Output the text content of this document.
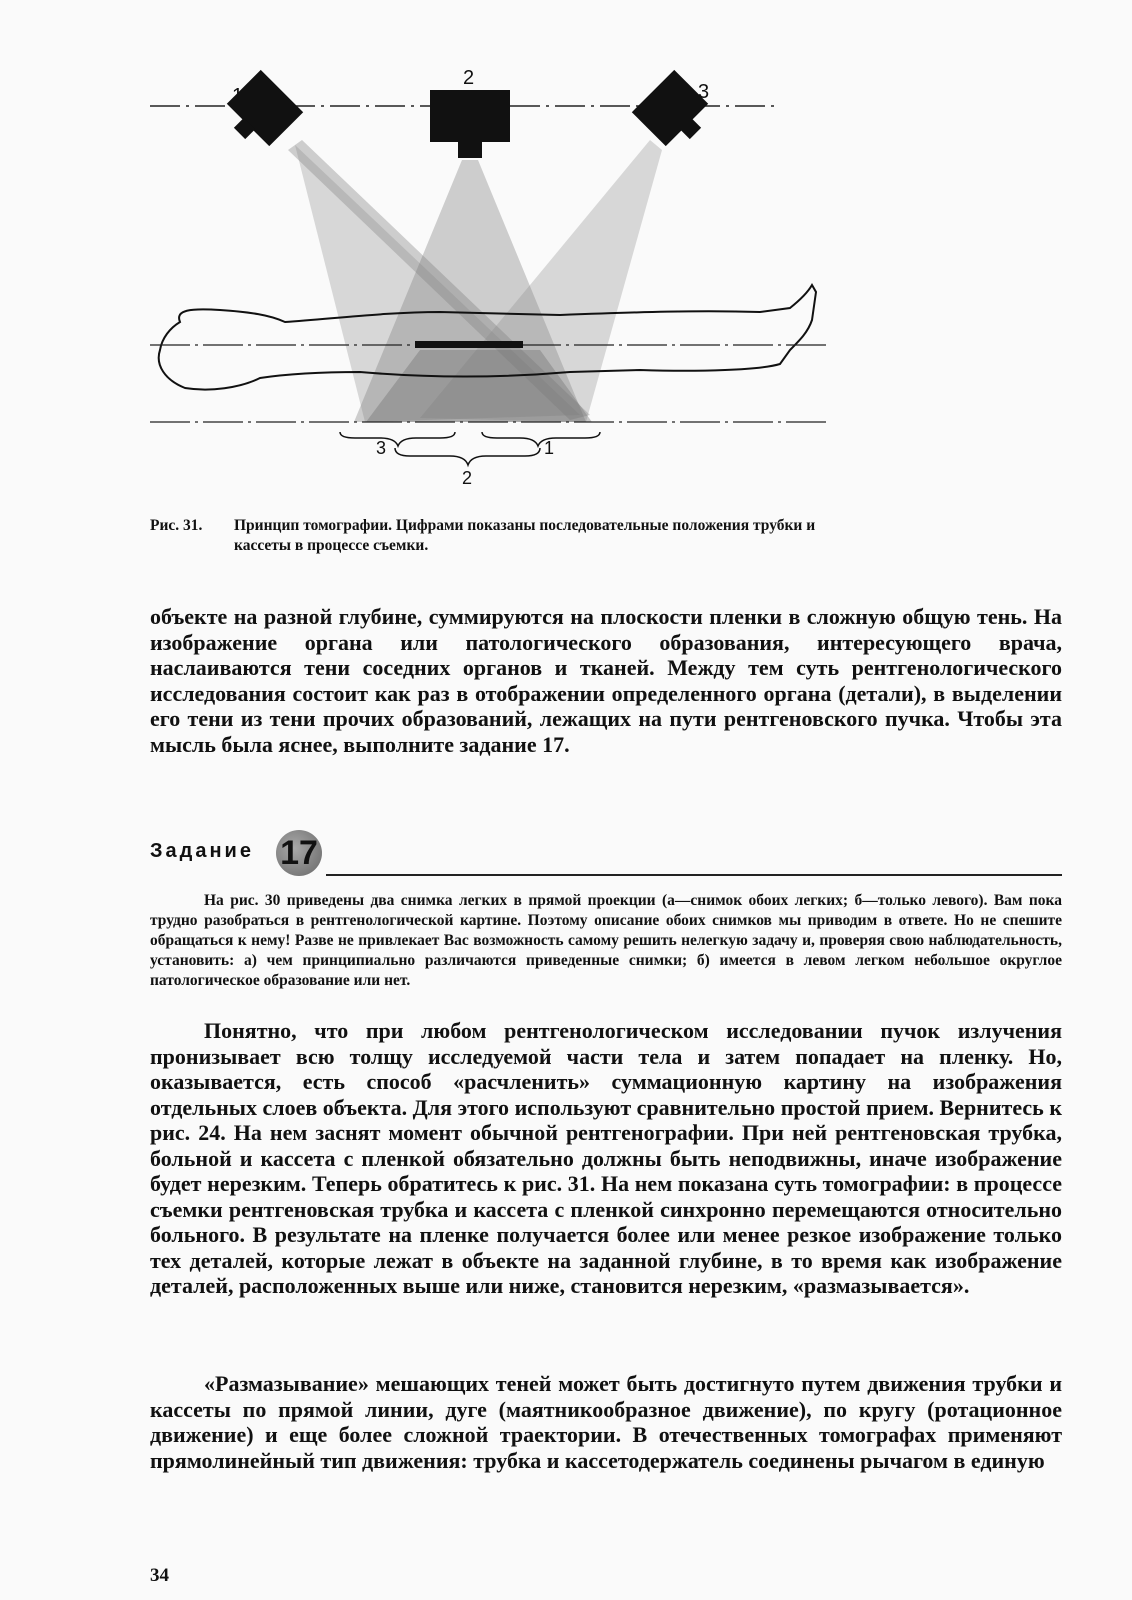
1
2
3
3	1
2
Рис. 31. Принцип томографии. Цифрами показаны последовательные положения трубки и
кассеты в процессе съемки.
объекте на разной глубине, суммируются на плоскости пленки в сложную общую тень. На изображение органа или патологического образования, интересующего врача, наслаиваются тени соседних органов и тканей. Между тем суть рентгенологического исследования состоит как раз в отображении определенного органа (детали), в выделении его тени из тени прочих образований, лежащих на пути рентгеновского пучка. Чтобы эта мысль была яснее, выполните задание 17.
Задание 17
На рис. 30 приведены два снимка легких в прямой проекции (а—снимок обоих легких; б—только левого). Вам пока трудно разобраться в рентгенологической картине. Поэтому описание обоих снимков мы приводим в ответе. Но не спешите обращаться к нему! Разве не привлекает Вас возможность самому решить нелегкую задачу и, проверяя свою наблюдательность, установить: а) чем принципиально различаются приведенные снимки; б) имеется в левом легком небольшое округлое патологическое образование или нет.
Понятно, что при любом рентгенологическом исследовании пучок излучения пронизывает всю толщу исследуемой части тела и затем попадает на пленку. Но, оказывается, есть способ «расчленить» суммационную картину на изображения отдельных слоев объекта. Для этого используют сравнительно простой прием. Вернитесь к рис. 24. На нем заснят момент обычной рентгенографии. При ней рентгеновская трубка, больной и кассета с пленкой обязательно должны быть неподвижны, иначе изображение будет нерезким. Теперь обратитесь к рис. 31. На нем показана суть томографии: в процессе съемки рентгеновская трубка и кассета с пленкой синхронно перемещаются относительно больного. В результате на пленке получается более или менее резкое изображение только тех деталей, которые лежат в объекте на заданной глубине, в то время как изображение деталей, расположенных выше или ниже, становится нерезким, «размазывается».
«Размазывание» мешающих теней может быть достигнуто путем движения трубки и кассеты по прямой линии, дуге (маятникообразное движение), по кругу (ротационное движение) и еще более сложной траектории. В отечественных томографах применяют прямолинейный тип движения: трубка и кассетодержатель соединены рычагом в единую
34
